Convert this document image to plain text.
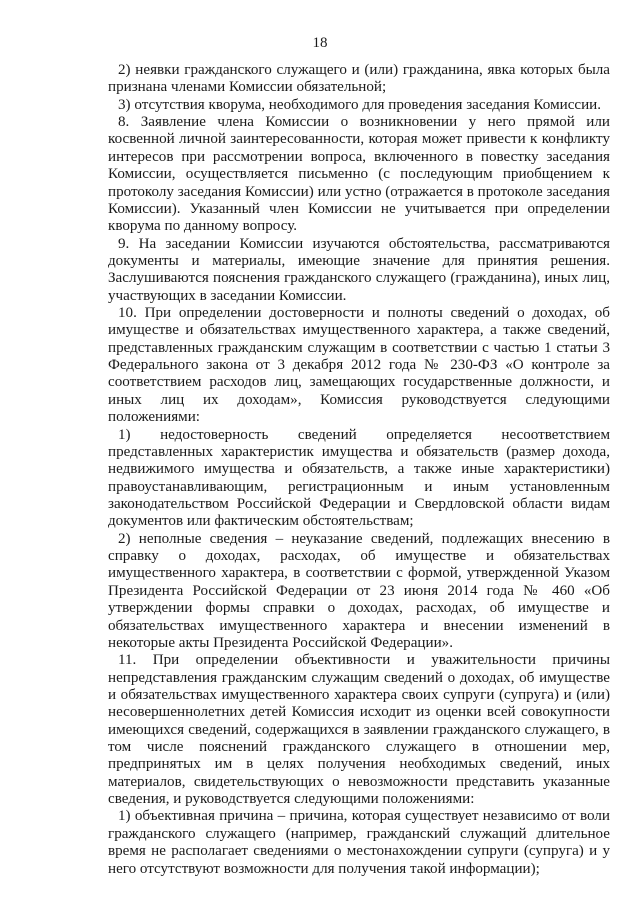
18

2) неявки гражданского служащего и (или) гражданина, явка которых была признана членами Комиссии обязательной;

3) отсутствия кворума, необходимого для проведения заседания Комиссии.

8. Заявление члена Комиссии о возникновении у него прямой или косвенной личной заинтересованности, которая может привести к конфликту интересов при рассмотрении вопроса, включенного в повестку заседания Комиссии, осуществляется письменно (с последующим приобщением к протоколу заседания Комиссии) или устно (отражается в протоколе заседания Комиссии). Указанный член Комиссии не учитывается при определении кворума по данному вопросу.

9. На заседании Комиссии изучаются обстоятельства, рассматриваются документы и материалы, имеющие значение для принятия решения. Заслушиваются пояснения гражданского служащего (гражданина), иных лиц, участвующих в заседании Комиссии.

10. При определении достоверности и полноты сведений о доходах, об имуществе и обязательствах имущественного характера, а также сведений, представленных гражданским служащим в соответствии с частью 1 статьи 3 Федерального закона от 3 декабря 2012 года № 230-ФЗ «О контроле за соответствием расходов лиц, замещающих государственные должности, и иных лиц их доходам», Комиссия руководствуется следующими положениями:

1) недостоверность сведений определяется несоответствием представленных характеристик имущества и обязательств (размер дохода, недвижимого имущества и обязательств, а также иные характеристики) правоустанавливающим, регистрационным и иным установленным законодательством Российской Федерации и Свердловской области видам документов или фактическим обстоятельствам;

2) неполные сведения – неуказание сведений, подлежащих внесению в справку о доходах, расходах, об имуществе и обязательствах имущественного характера, в соответствии с формой, утвержденной Указом Президента Российской Федерации от 23 июня 2014 года № 460 «Об утверждении формы справки о доходах, расходах, об имуществе и обязательствах имущественного характера и внесении изменений в некоторые акты Президента Российской Федерации».

11. При определении объективности и уважительности причины непредставления гражданским служащим сведений о доходах, об имуществе и обязательствах имущественного характера своих супруги (супруга) и (или) несовершеннолетних детей Комиссия исходит из оценки всей совокупности имеющихся сведений, содержащихся в заявлении гражданского служащего, в том числе пояснений гражданского служащего в отношении мер, предпринятых им в целях получения необходимых сведений, иных материалов, свидетельствующих о невозможности представить указанные сведения, и руководствуется следующими положениями:

1) объективная причина – причина, которая существует независимо от воли гражданского служащего (например, гражданский служащий длительное время не располагает сведениями о местонахождении супруги (супруга) и у него отсутствуют возможности для получения такой информации);
